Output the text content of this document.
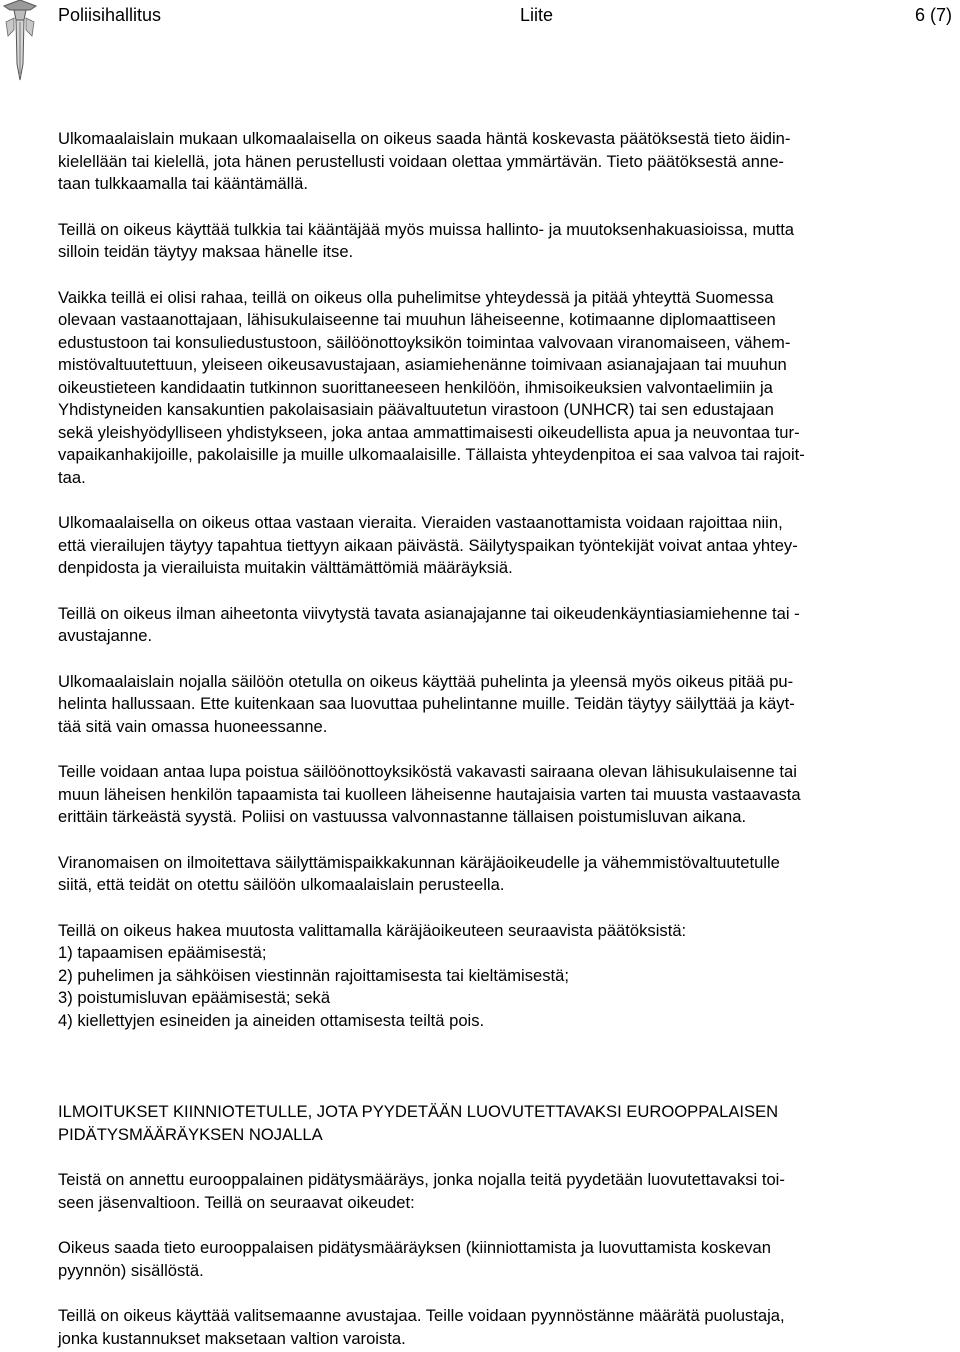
Poliisihallitus	Liite	6 (7)

Ulkomaalaislain mukaan ulkomaalaisella on oikeus saada häntä koskevasta päätöksestä tieto äidin-
kielellään tai kielellä, jota hänen perustellusti voidaan olettaa ymmärtävän. Tieto päätöksestä anne-
taan tulkkaamalla tai kääntämällä.

Teillä on oikeus käyttää tulkkia tai kääntäjää myös muissa hallinto- ja muutoksenhakuasioissa, mutta
silloin teidän täytyy maksaa hänelle itse.

Vaikka teillä ei olisi rahaa, teillä on oikeus olla puhelimitse yhteydessä ja pitää yhteyttä Suomessa
olevaan vastaanottajaan, lähisukulaiseenne tai muuhun läheiseenne, kotimaanne diplomaattiseen
edustustoon tai konsuliedustustoon, säilöönottoyksikön toimintaa valvovaan viranomaiseen, vähem-
mistövaltuutettuun, yleiseen oikeusavustajaan, asiamiehenänne toimivaan asianajajaan tai muuhun
oikeustieteen kandidaatin tutkinnon suorittaneeseen henkilöön, ihmisoikeuksien valvontaelimiin ja
Yhdistyneiden kansakuntien pakolaisasiain päävaltuutetun virastoon (UNHCR) tai sen edustajaan
sekä yleishyödylliseen yhdistykseen, joka antaa ammattimaisesti oikeudellista apua ja neuvontaa tur-
vapaikanhakijoille, pakolaisille ja muille ulkomaalaisille. Tällaista yhteydenpitoa ei saa valvoa tai rajoit-
taa.

Ulkomaalaisella on oikeus ottaa vastaan vieraita. Vieraiden vastaanottamista voidaan rajoittaa niin,
että vierailujen täytyy tapahtua tiettyyn aikaan päivästä. Säilytyspaikan työntekijät voivat antaa yhtey-
denpidosta ja vierailuista muitakin välttämättömiä määräyksiä.

Teillä on oikeus ilman aiheetonta viivytystä tavata asianajajanne tai oikeudenkäyntiasiamiehenne tai -
avustajanne.

Ulkomaalaislain nojalla säilöön otetulla on oikeus käyttää puhelinta ja yleensä myös oikeus pitää pu-
helinta hallussaan. Ette kuitenkaan saa luovuttaa puhelintanne muille. Teidän täytyy säilyttää ja käyt-
tää sitä vain omassa huoneessanne.

Teille voidaan antaa lupa poistua säilöönottoyksiköstä vakavasti sairaana olevan lähisukulaisenne tai
muun läheisen henkilön tapaamista tai kuolleen läheisenne hautajaisia varten tai muusta vastaavasta
erittäin tärkeästä syystä. Poliisi on vastuussa valvonnastanne tällaisen poistumisluvan aikana.

Viranomaisen on ilmoitettava säilyttämispaikkakunnan käräjäoikeudelle ja vähemmistövaltuutetulle
siitä, että teidät on otettu säilöön ulkomaalaislain perusteella.

Teillä on oikeus hakea muutosta valittamalla käräjäoikeuteen seuraavista päätöksistä:
1) tapaamisen epäämisestä;
2) puhelimen ja sähköisen viestinnän rajoittamisesta tai kieltämisestä;
3) poistumisluvan epäämisestä; sekä
4) kiellettyjen esineiden ja aineiden ottamisesta teiltä pois.

ILMOITUKSET KIINNIOTETULLE, JOTA PYYDETÄÄN LUOVUTETTAVAKSI EUROOPPALAISEN
PIDÄTYSMÄÄRÄYKSEN NOJALLA

Teistä on annettu eurooppalainen pidätysmääräys, jonka nojalla teitä pyydetään luovutettavaksi toi-
seen jäsenvaltioon. Teillä on seuraavat oikeudet:

Oikeus saada tieto eurooppalaisen pidätysmääräyksen (kiinniottamista ja luovuttamista koskevan
pyynnön) sisällöstä.

Teillä on oikeus käyttää valitsemaanne avustajaa. Teille voidaan pyynnöstänne määrätä puolustaja,
jonka kustannukset maksetaan valtion varoista.
